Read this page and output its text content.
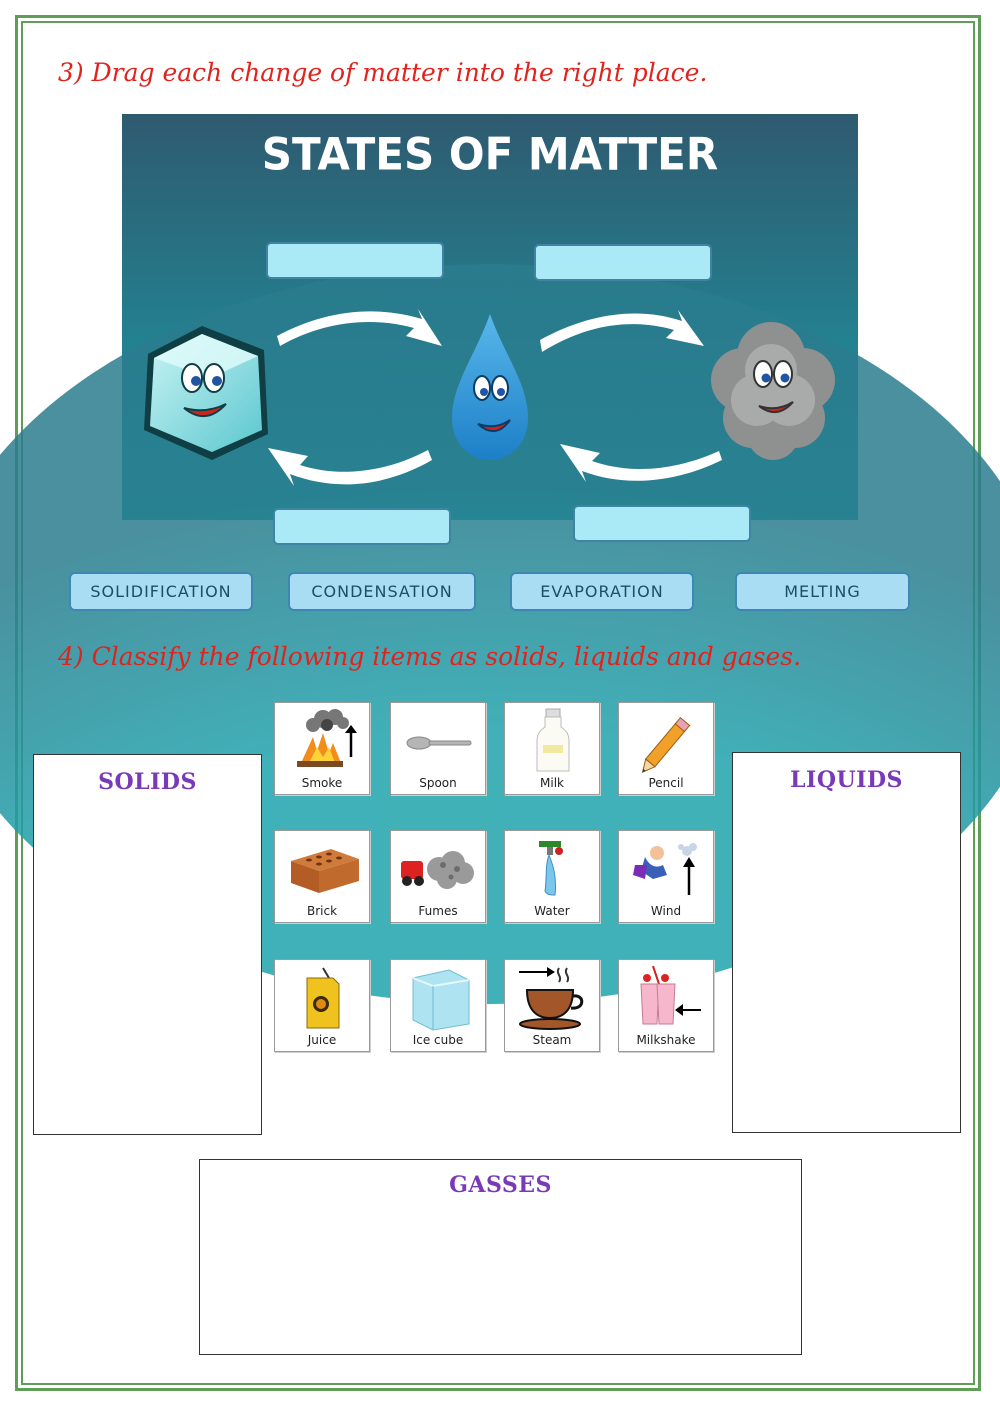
3) Drag each change of matter into the right place.
STATES OF MATTER
SOLIDIFICATION	CONDENSATION	EVAPORATION	MELTING
4) Classify the following items as solids, liquids and gases.
SOLIDS	LIQUIDS
GASSES
Smoke	Spoon	Milk	Pencil
Brick	Fumes	Water	Wind
Juice	Ice cube	Steam	Milkshake
